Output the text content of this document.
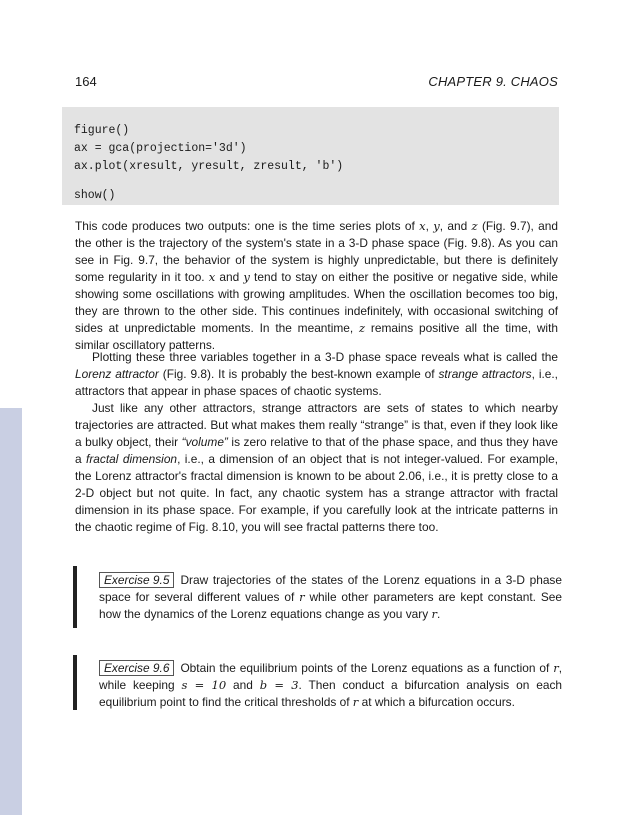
164	CHAPTER 9. CHAOS
figure()
ax = gca(projection='3d')
ax.plot(xresult, yresult, zresult, 'b')
show()

This code produces two outputs: one is the time series plots of x, y, and z (Fig. 9.7), and the other is the trajectory of the system's state in a 3-D phase space (Fig. 9.8). As you can see in Fig. 9.7, the behavior of the system is highly unpredictable, but there is definitely some regularity in it too. x and y tend to stay on either the positive or negative side, while showing some oscillations with growing amplitudes. When the oscillation becomes too big, they are thrown to the other side. This continues indefinitely, with occasional switching of sides at unpredictable moments. In the meantime, z remains positive all the time, with similar oscillatory patterns.

Plotting these three variables together in a 3-D phase space reveals what is called the Lorenz attractor (Fig. 9.8). It is probably the best-known example of strange attractors, i.e., attractors that appear in phase spaces of chaotic systems.

Just like any other attractors, strange attractors are sets of states to which nearby trajectories are attracted. But what makes them really “strange” is that, even if they look like a bulky object, their “volume” is zero relative to that of the phase space, and thus they have a fractal dimension, i.e., a dimension of an object that is not integer-valued. For example, the Lorenz attractor's fractal dimension is known to be about 2.06, i.e., it is pretty close to a 2-D object but not quite. In fact, any chaotic system has a strange attractor with fractal dimension in its phase space. For example, if you carefully look at the intricate patterns in the chaotic regime of Fig. 8.10, you will see fractal patterns there too.

Exercise 9.5 Draw trajectories of the states of the Lorenz equations in a 3-D phase space for several different values of r while other parameters are kept constant. See how the dynamics of the Lorenz equations change as you vary r.

Exercise 9.6 Obtain the equilibrium points of the Lorenz equations as a function of r, while keeping s = 10 and b = 3. Then conduct a bifurcation analysis on each equilibrium point to find the critical thresholds of r at which a bifurcation occurs.
